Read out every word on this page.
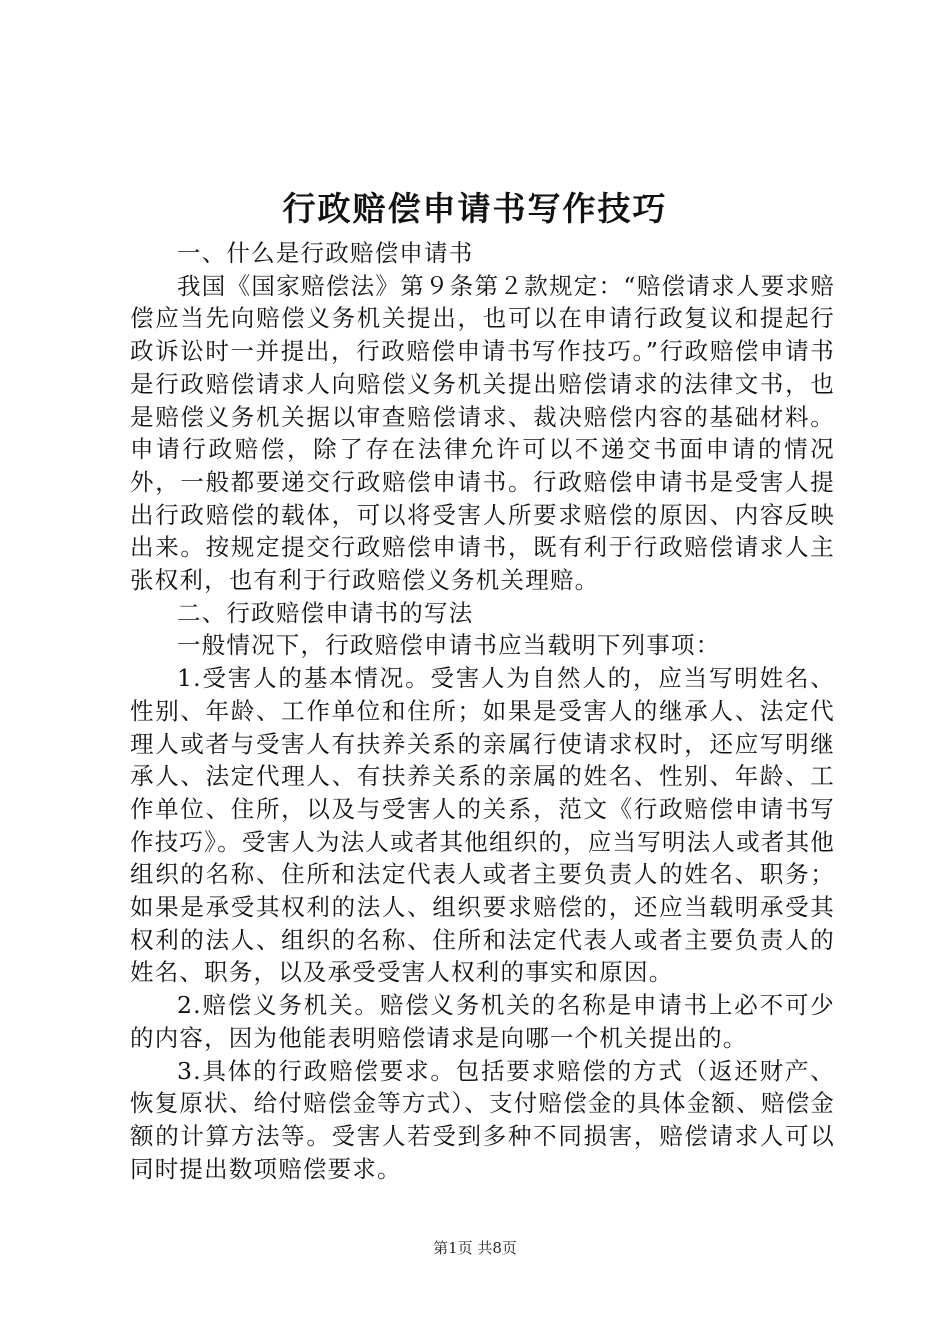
行政赔偿申请书写作技巧

一、什么是行政赔偿申请书

我国《国家赔偿法》第９条第２款规定：“赔偿请求人要求赔偿应当先向赔偿义务机关提出，也可以在申请行政复议和提起行政诉讼时一并提出，行政赔偿申请书写作技巧。”行政赔偿申请书是行政赔偿请求人向赔偿义务机关提出赔偿请求的法律文书，也是赔偿义务机关据以审查赔偿请求、裁决赔偿内容的基础材料。申请行政赔偿，除了存在法律允许可以不递交书面申请的情况外，一般都要递交行政赔偿申请书。行政赔偿申请书是受害人提出行政赔偿的载体，可以将受害人所要求赔偿的原因、内容反映出来。按规定提交行政赔偿申请书，既有利于行政赔偿请求人主张权利，也有利于行政赔偿义务机关理赔。

二、行政赔偿申请书的写法

一般情况下，行政赔偿申请书应当载明下列事项：

1.受害人的基本情况。受害人为自然人的，应当写明姓名、性别、年龄、工作单位和住所；如果是受害人的继承人、法定代理人或者与受害人有扶养关系的亲属行使请求权时，还应写明继承人、法定代理人、有扶养关系的亲属的姓名、性别、年龄、工作单位、住所，以及与受害人的关系，范文《行政赔偿申请书写作技巧》。受害人为法人或者其他组织的，应当写明法人或者其他组织的名称、住所和法定代表人或者主要负责人的姓名、职务；如果是承受其权利的法人、组织要求赔偿的，还应当载明承受其权利的法人、组织的名称、住所和法定代表人或者主要负责人的姓名、职务，以及承受受害人权利的事实和原因。

2.赔偿义务机关。赔偿义务机关的名称是申请书上必不可少的内容，因为他能表明赔偿请求是向哪一个机关提出的。

3.具体的行政赔偿要求。包括要求赔偿的方式（返还财产、恢复原状、给付赔偿金等方式）、支付赔偿金的具体金额、赔偿金额的计算方法等。受害人若受到多种不同损害，赔偿请求人可以同时提出数项赔偿要求。

第1页 共8页
